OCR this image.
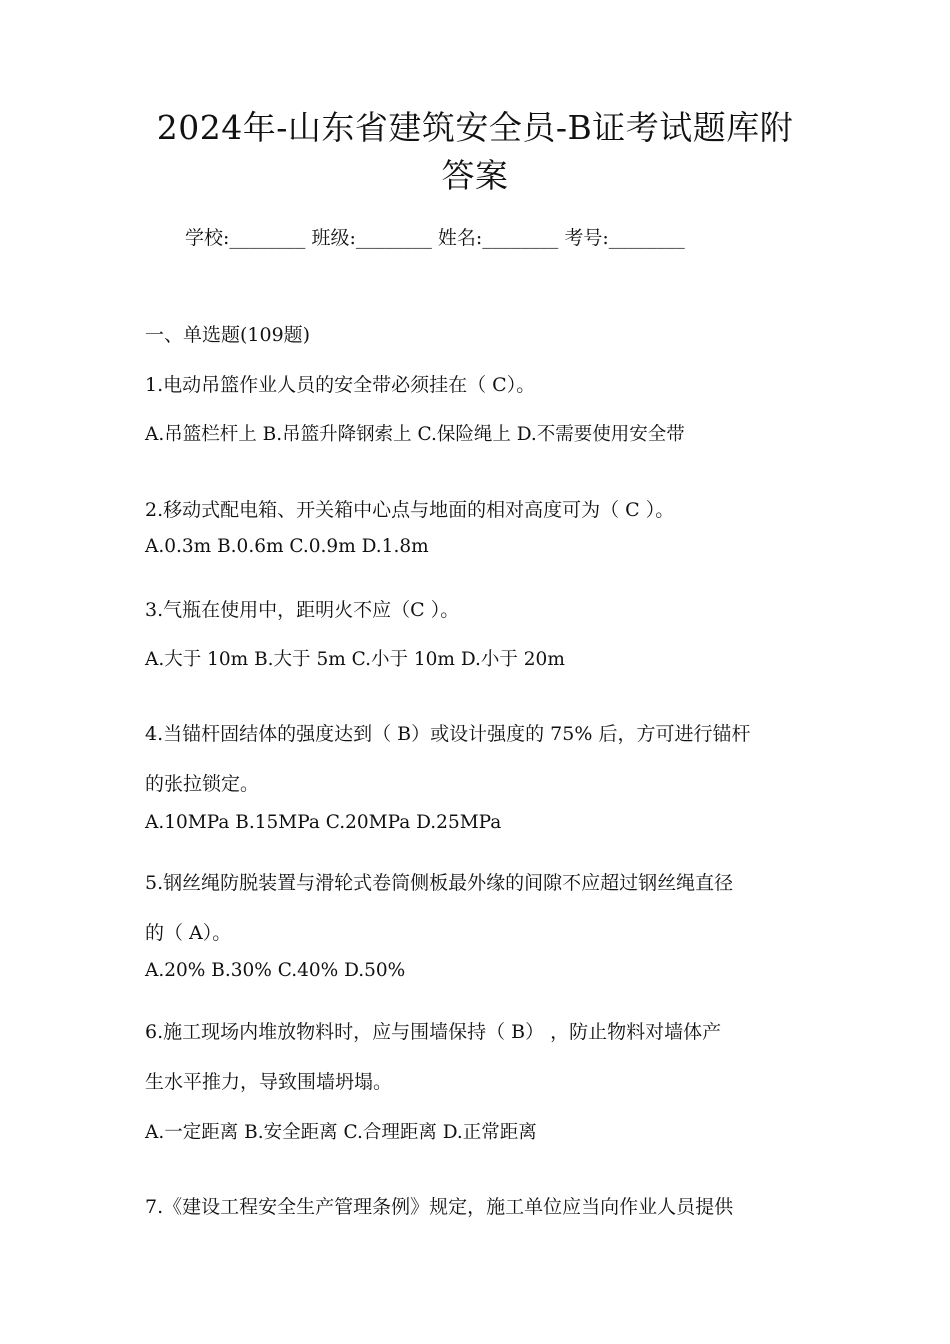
2024年-山东省建筑安全员-B证考试题库附
答案
学校:________ 班级:________ 姓名:________ 考号:________
一、单选题(109题)
1.电动吊篮作业人员的安全带必须挂在（ C）。
A.吊篮栏杆上 B.吊篮升降钢索上 C.保险绳上 D.不需要使用安全带
2.移动式配电箱、开关箱中心点与地面的相对高度可为（ C ）。
A.0.3m B.0.6m C.0.9m D.1.8m
3.气瓶在使用中，距明火不应（C ）。
A.大于 10m B.大于 5m C.小于 10m D.小于 20m
4.当锚杆固结体的强度达到（ B）或设计强度的 75% 后，方可进行锚杆
的张拉锁定。
A.10MPa B.15MPa C.20MPa D.25MPa
5.钢丝绳防脱装置与滑轮式卷筒侧板最外缘的间隙不应超过钢丝绳直径
的（ A）。
A.20% B.30% C.40% D.50%
6.施工现场内堆放物料时，应与围墙保持（ B） ，防止物料对墙体产
生水平推力，导致围墙坍塌。
A.一定距离 B.安全距离 C.合理距离 D.正常距离
7.《建设工程安全生产管理条例》规定，施工单位应当向作业人员提供
